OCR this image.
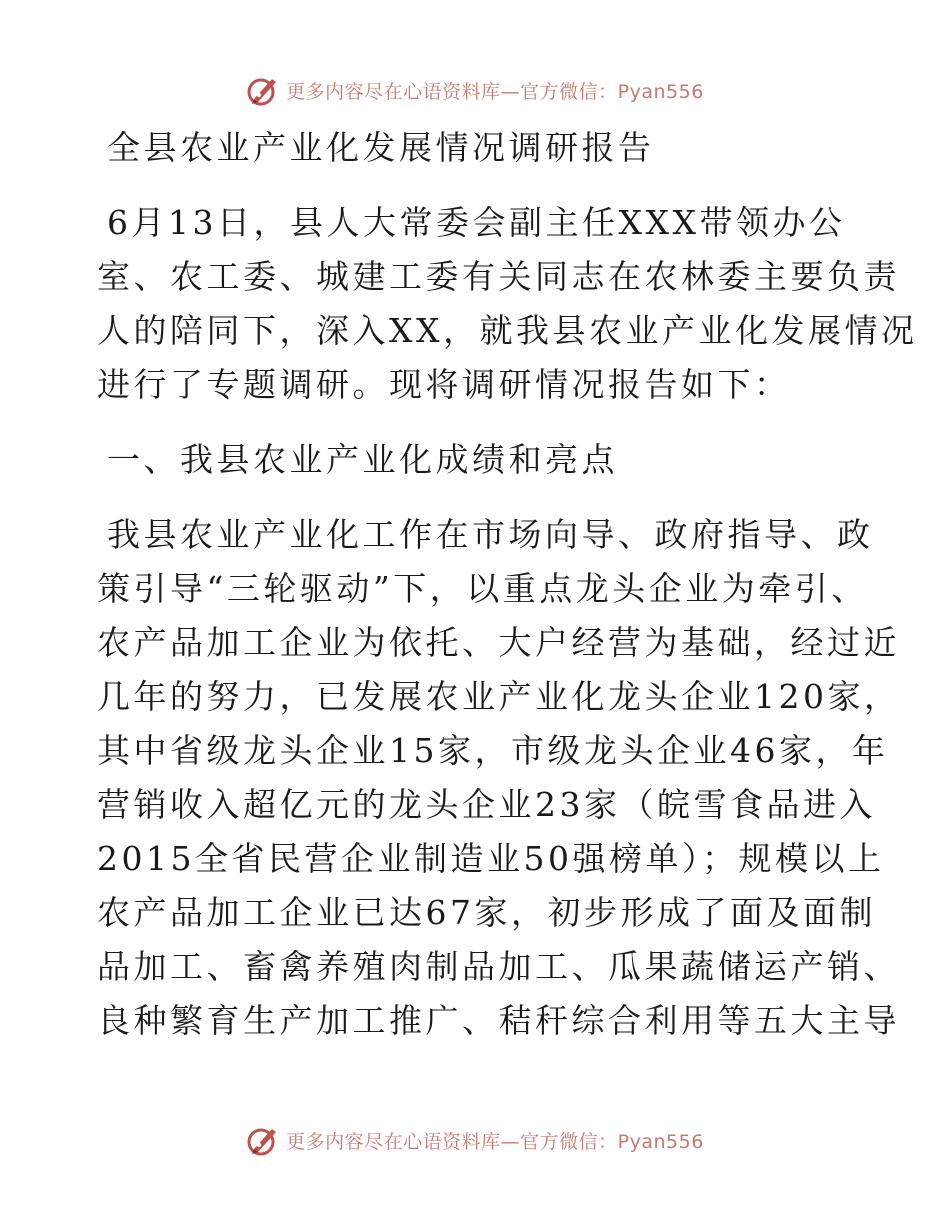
更多内容尽在心语资料库—官方微信：Pyan556
全县农业产业化发展情况调研报告
6月13日，县人大常委会副主任XXX带领办公
室、农工委、城建工委有关同志在农林委主要负责
人的陪同下，深入XX，就我县农业产业化发展情况
进行了专题调研。现将调研情况报告如下：
一、我县农业产业化成绩和亮点
我县农业产业化工作在市场向导、政府指导、政
策引导“三轮驱动”下，以重点龙头企业为牵引、
农产品加工企业为依托、大户经营为基础，经过近
几年的努力，已发展农业产业化龙头企业120家，
其中省级龙头企业15家，市级龙头企业46家，年
营销收入超亿元的龙头企业23家（皖雪食品进入
2015全省民营企业制造业50强榜单）；规模以上
农产品加工企业已达67家，初步形成了面及面制
品加工、畜禽养殖肉制品加工、瓜果蔬储运产销、
良种繁育生产加工推广、秸秆综合利用等五大主导
更多内容尽在心语资料库—官方微信：Pyan556
